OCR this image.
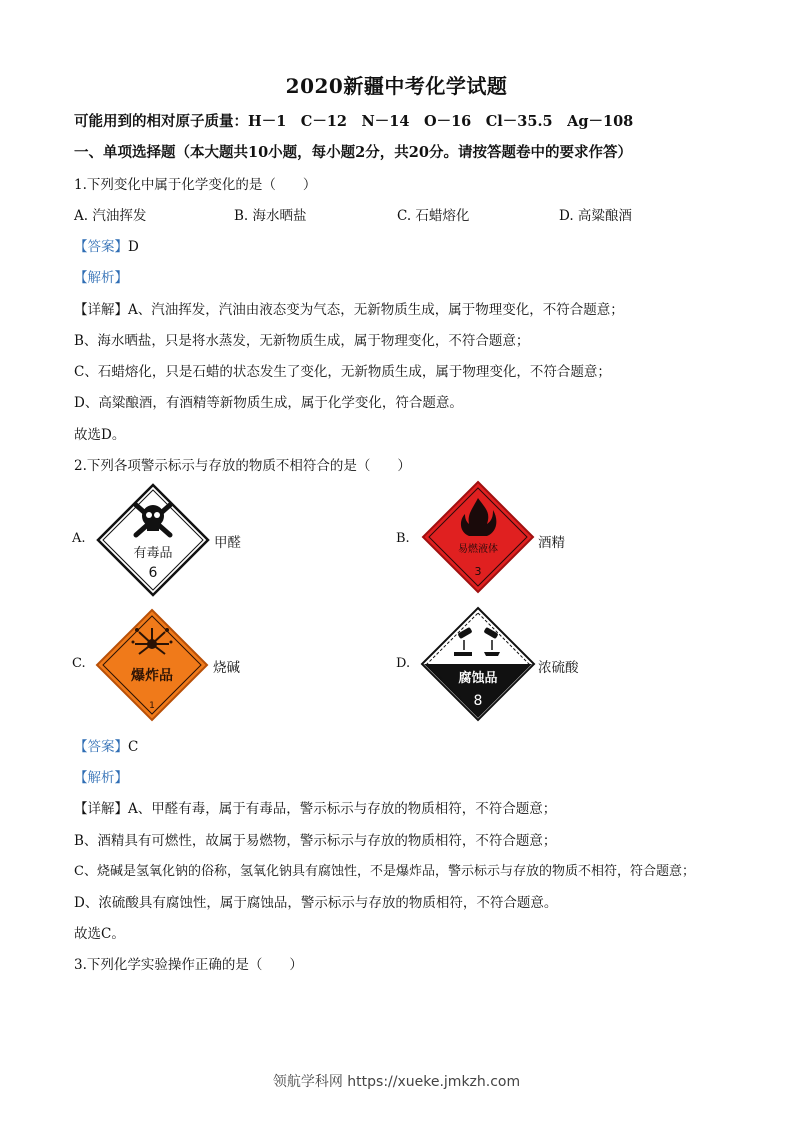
2020新疆中考化学试题
可能用到的相对原子质量：H－1　C－12　N－14　O－16　Cl－35.5　Ag－108
一、单项选择题（本大题共10小题，每小题2分，共20分。请按答题卷中的要求作答）
1.下列变化中属于化学变化的是（　　）
A. 汽油挥发	B. 海水晒盐	C. 石蜡熔化	D. 高粱酿酒
【答案】D
【解析】
【详解】A、汽油挥发，汽油由液态变为气态，无新物质生成，属于物理变化，不符合题意；
B、海水晒盐，只是将水蒸发，无新物质生成，属于物理变化，不符合题意；
C、石蜡熔化，只是石蜡的状态发生了变化，无新物质生成，属于物理变化，不符合题意；
D、高粱酿酒，有酒精等新物质生成，属于化学变化，符合题意。
故选D。
2.下列各项警示标示与存放的物质不相符合的是（　　）
A.
有毒品
6
甲醛	B.
易燃液体
3
酒精
C.
爆炸品
1
烧碱	D.
腐蚀品
8
浓硫酸
【答案】C
【解析】
【详解】A、甲醛有毒，属于有毒品，警示标示与存放的物质相符，不符合题意；
B、酒精具有可燃性，故属于易燃物，警示标示与存放的物质相符，不符合题意；
C、烧碱是氢氧化钠的俗称，氢氧化钠具有腐蚀性，不是爆炸品，警示标示与存放的物质不相符，符合题意；
D、浓硫酸具有腐蚀性，属于腐蚀品，警示标示与存放的物质相符，不符合题意。
故选C。
3.下列化学实验操作正确的是（　　）
领航学科网 https://xueke.jmkzh.com
